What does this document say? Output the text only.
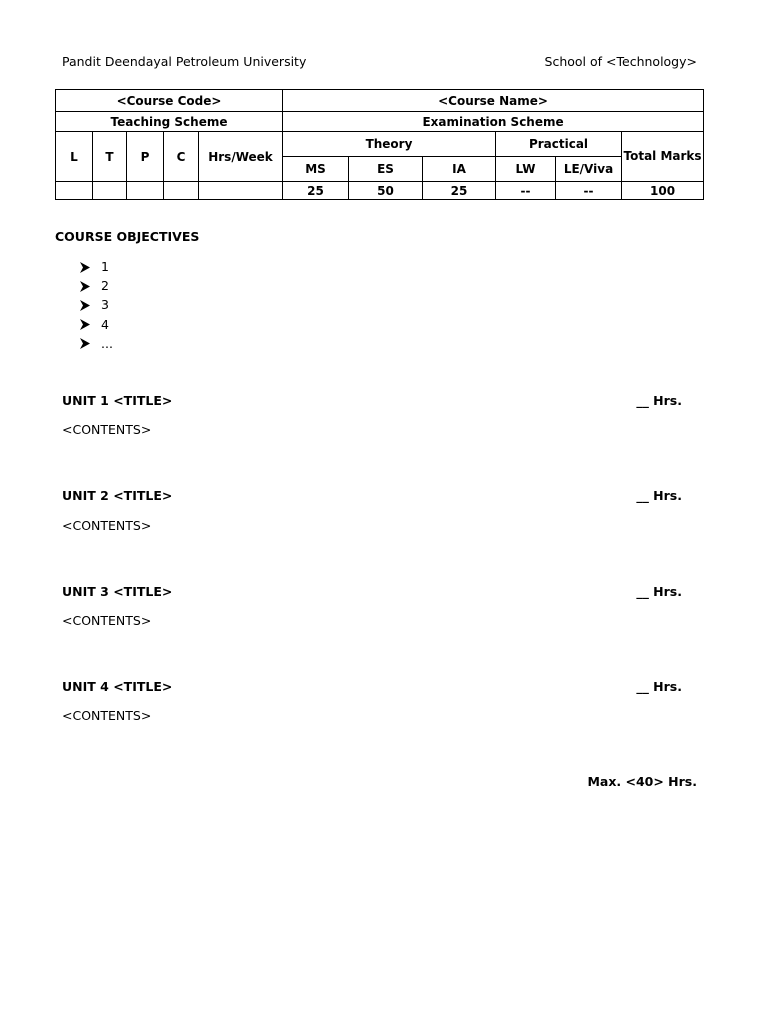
Pandit Deendayal Petroleum University	School of <Technology>
<Course Code>					<Course Name>					
Teaching Scheme					Examination Scheme					
L	T	P	C	Hrs/Week	Theory			Practical		Total Marks
					MS	ES	IA	LW	LE/Viva	
					25	50	25	--	--	100
COURSE OBJECTIVES
1
2
3
4
...
UNIT 1 <TITLE>	__ Hrs.
<CONTENTS>
UNIT 2 <TITLE>	__ Hrs.
<CONTENTS>
UNIT 3 <TITLE>	__ Hrs.
<CONTENTS>
UNIT 4 <TITLE>	__ Hrs.
<CONTENTS>
Max. <40> Hrs.
